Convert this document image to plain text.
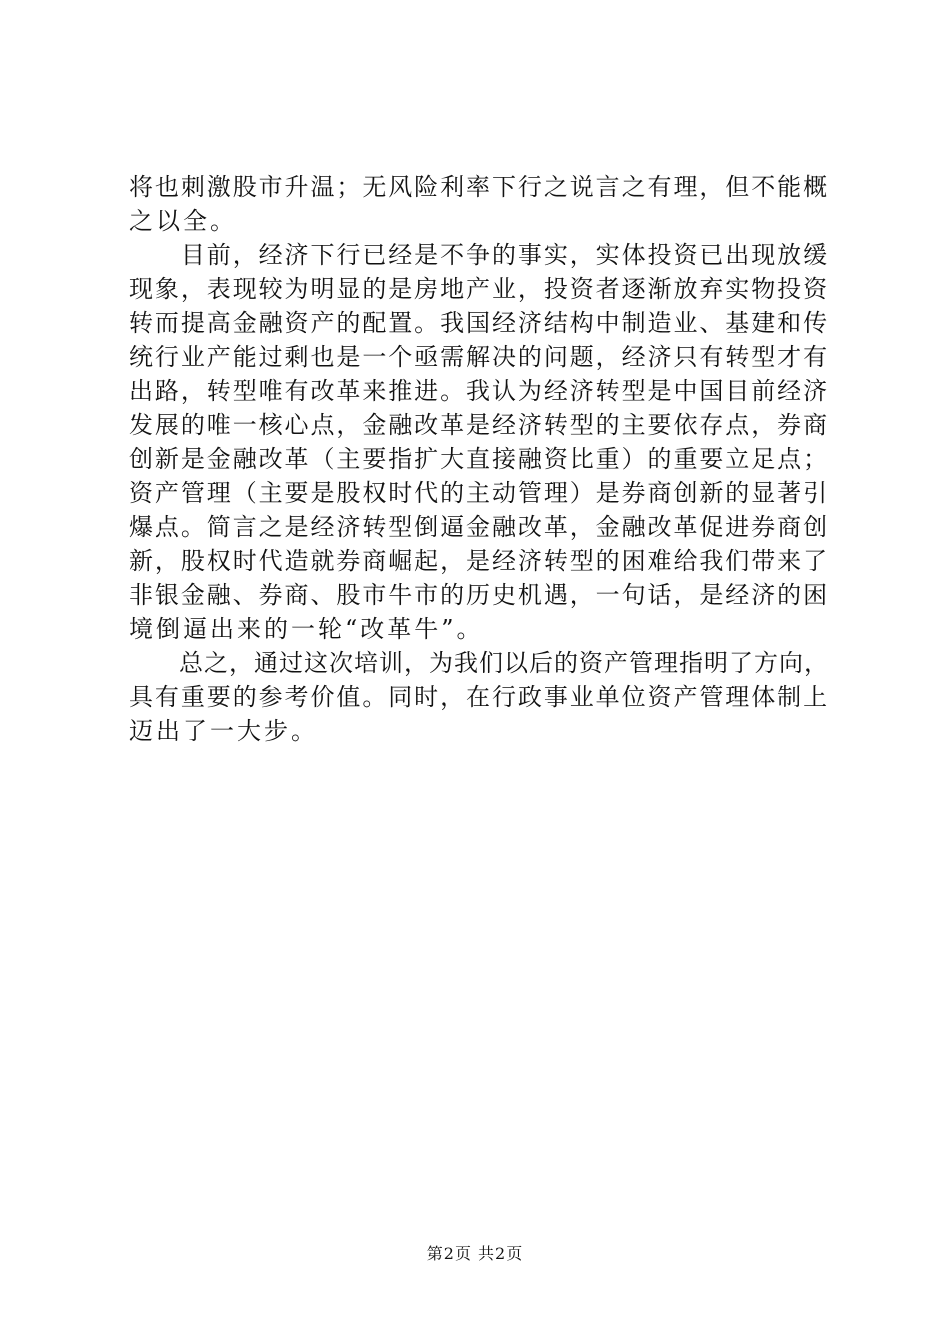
将也刺激股市升温；无风险利率下行之说言之有理，但不能概
之以全。
　　目前，经济下行已经是不争的事实，实体投资已出现放缓
现象，表现较为明显的是房地产业，投资者逐渐放弃实物投资
转而提高金融资产的配置。我国经济结构中制造业、基建和传
统行业产能过剩也是一个亟需解决的问题，经济只有转型才有
出路，转型唯有改革来推进。我认为经济转型是中国目前经济
发展的唯一核心点，金融改革是经济转型的主要依存点，券商
创新是金融改革（主要指扩大直接融资比重）的重要立足点；
资产管理（主要是股权时代的主动管理）是券商创新的显著引
爆点。简言之是经济转型倒逼金融改革，金融改革促进券商创
新，股权时代造就券商崛起，是经济转型的困难给我们带来了
非银金融、券商、股市牛市的历史机遇，一句话，是经济的困
境倒逼出来的一轮“改革牛”。
　　总之，通过这次培训，为我们以后的资产管理指明了方向，
具有重要的参考价值。同时，在行政事业单位资产管理体制上
迈出了一大步。
第2页 共2页
